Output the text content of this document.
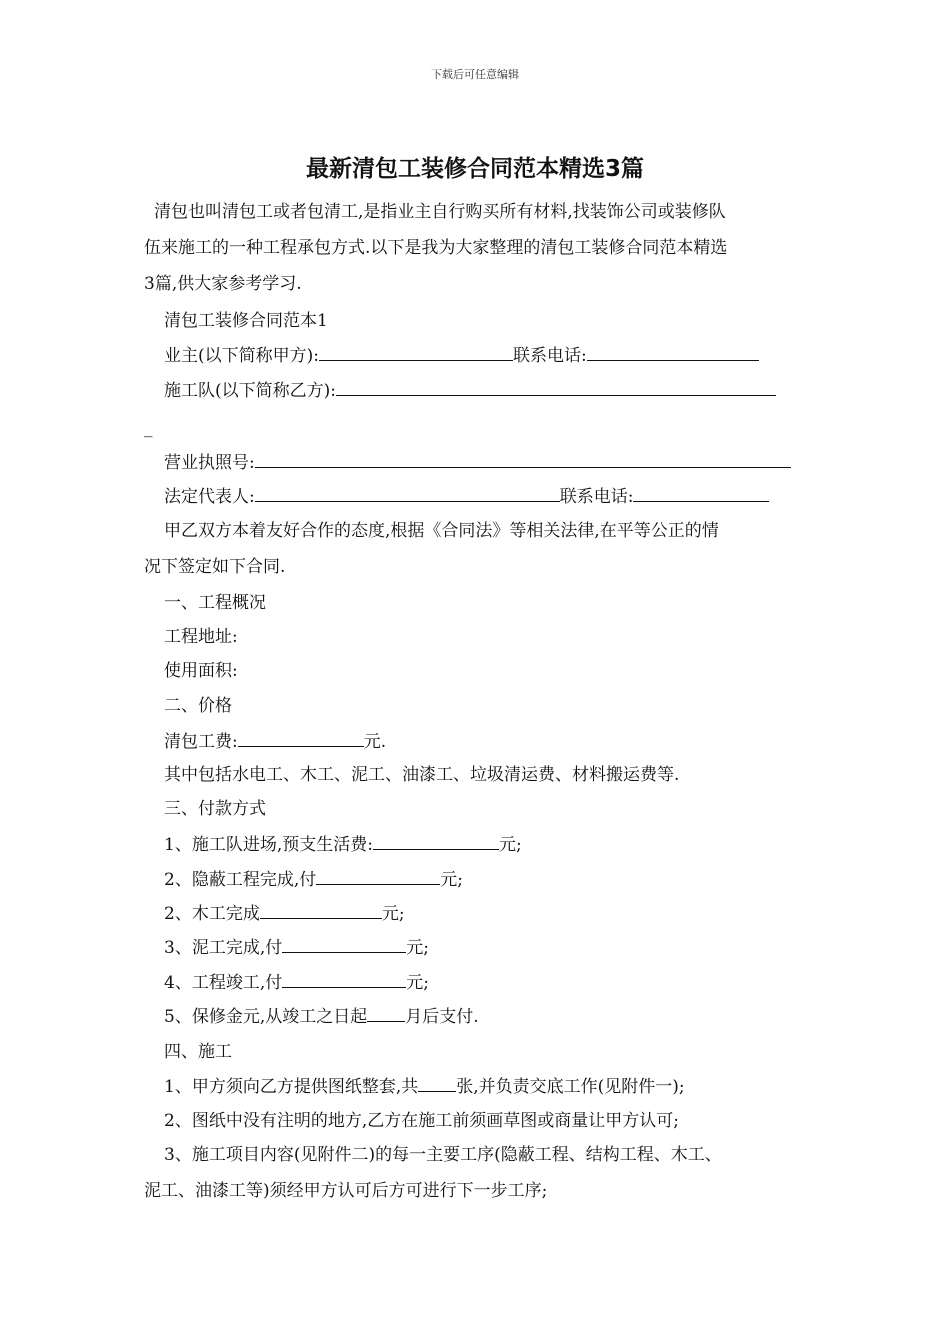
下载后可任意编辑
最新清包工装修合同范本精选3篇
清包也叫清包工或者包清工,是指业主自行购买所有材料,找装饰公司或装修队
伍来施工的一种工程承包方式.以下是我为大家整理的清包工装修合同范本精选
3篇,供大家参考学习.
清包工装修合同范本1
业主(以下简称甲方):	联系电话:
施工队(以下简称乙方):
_
营业执照号:
法定代表人:	联系电话:
甲乙双方本着友好合作的态度,根据《合同法》等相关法律,在平等公正的情
况下签定如下合同.
一、工程概况
工程地址:
使用面积:
二、价格
清包工费:	元.
其中包括水电工、木工、泥工、油漆工、垃圾清运费、材料搬运费等.
三、付款方式
1、施工队进场,预支生活费:	元;
2、隐蔽工程完成,付	元;
2、木工完成	元;
3、泥工完成,付	元;
4、工程竣工,付	元;
5、保修金元,从竣工之日起 月后支付.
四、施工
1、甲方须向乙方提供图纸整套,共 张,并负责交底工作(见附件一);
2、图纸中没有注明的地方,乙方在施工前须画草图或商量让甲方认可;
3、施工项目内容(见附件二)的每一主要工序(隐蔽工程、结构工程、木工、
泥工、油漆工等)须经甲方认可后方可进行下一步工序;
